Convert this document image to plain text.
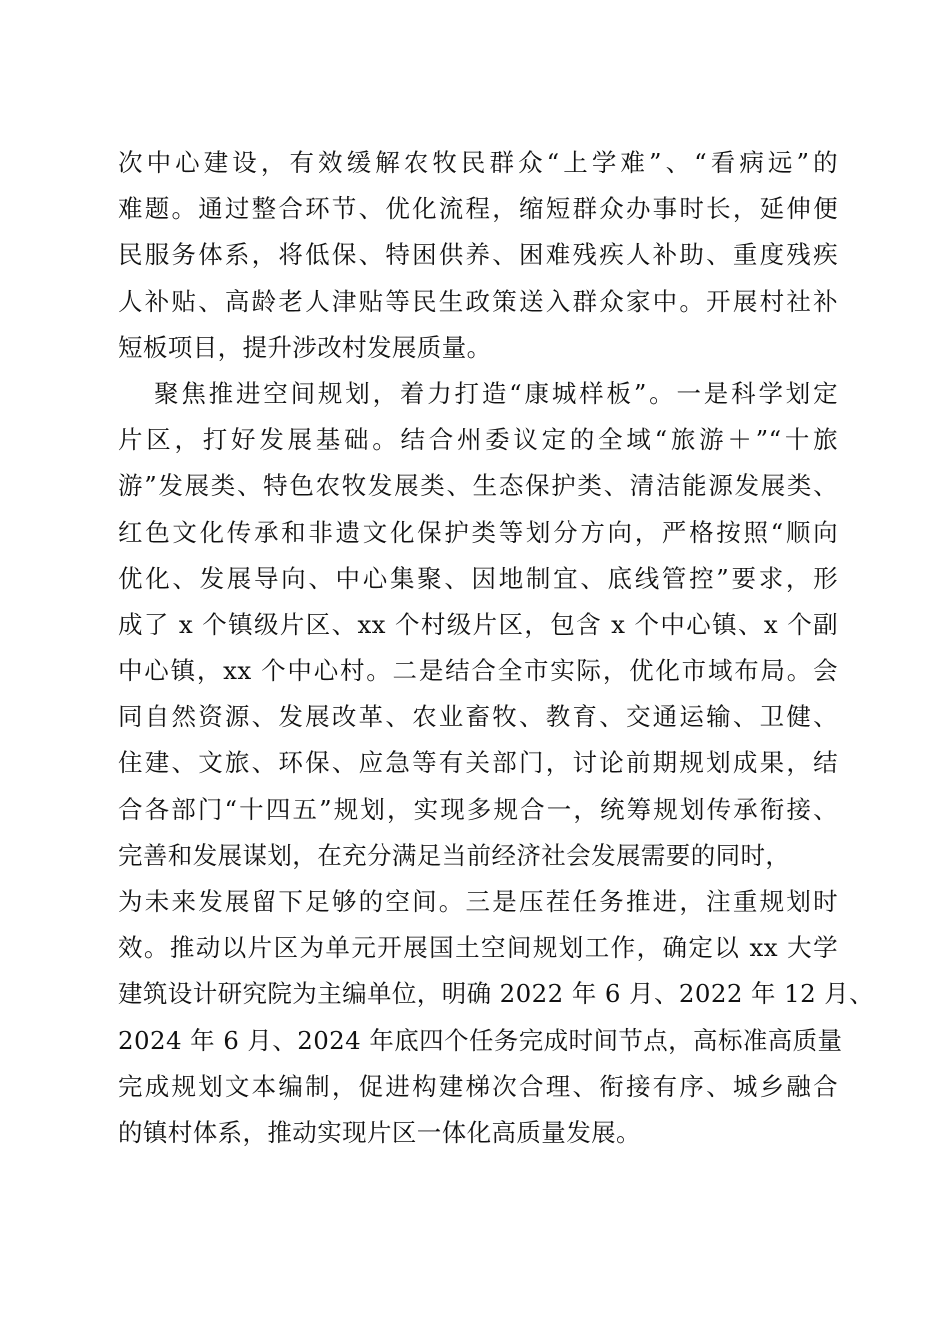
次中心建设，有效缓解农牧民群众“上学难”、“看病远”的
难题。通过整合环节、优化流程，缩短群众办事时长，延伸便
民服务体系，将低保、特困供养、困难残疾人补助、重度残疾
人补贴、高龄老人津贴等民生政策送入群众家中。开展村社补
短板项目，提升涉改村发展质量。
聚焦推进空间规划，着力打造“康城样板”。一是科学划定
片区，打好发展基础。结合州委议定的全域“旅游＋”“十旅
游”发展类、特色农牧发展类、生态保护类、清洁能源发展类、
红色文化传承和非遗文化保护类等划分方向，严格按照“顺向
优化、发展导向、中心集聚、因地制宜、底线管控”要求，形
成了 x 个镇级片区、xx 个村级片区，包含 x 个中心镇、x 个副
中心镇，xx 个中心村。二是结合全市实际，优化市域布局。会
同自然资源、发展改革、农业畜牧、教育、交通运输、卫健、
住建、文旅、环保、应急等有关部门，讨论前期规划成果，结
合各部门“十四五”规划，实现多规合一，统筹规划传承衔接、
完善和发展谋划，在充分满足当前经济社会发展需要的同时，
为未来发展留下足够的空间。三是压茬任务推进，注重规划时
效。推动以片区为单元开展国土空间规划工作，确定以 xx 大学
建筑设计研究院为主编单位，明确 2022 年 6 月、2022 年 12 月、
2024 年 6 月、2024 年底四个任务完成时间节点，高标准高质量
完成规划文本编制，促进构建梯次合理、衔接有序、城乡融合
的镇村体系，推动实现片区一体化高质量发展。
